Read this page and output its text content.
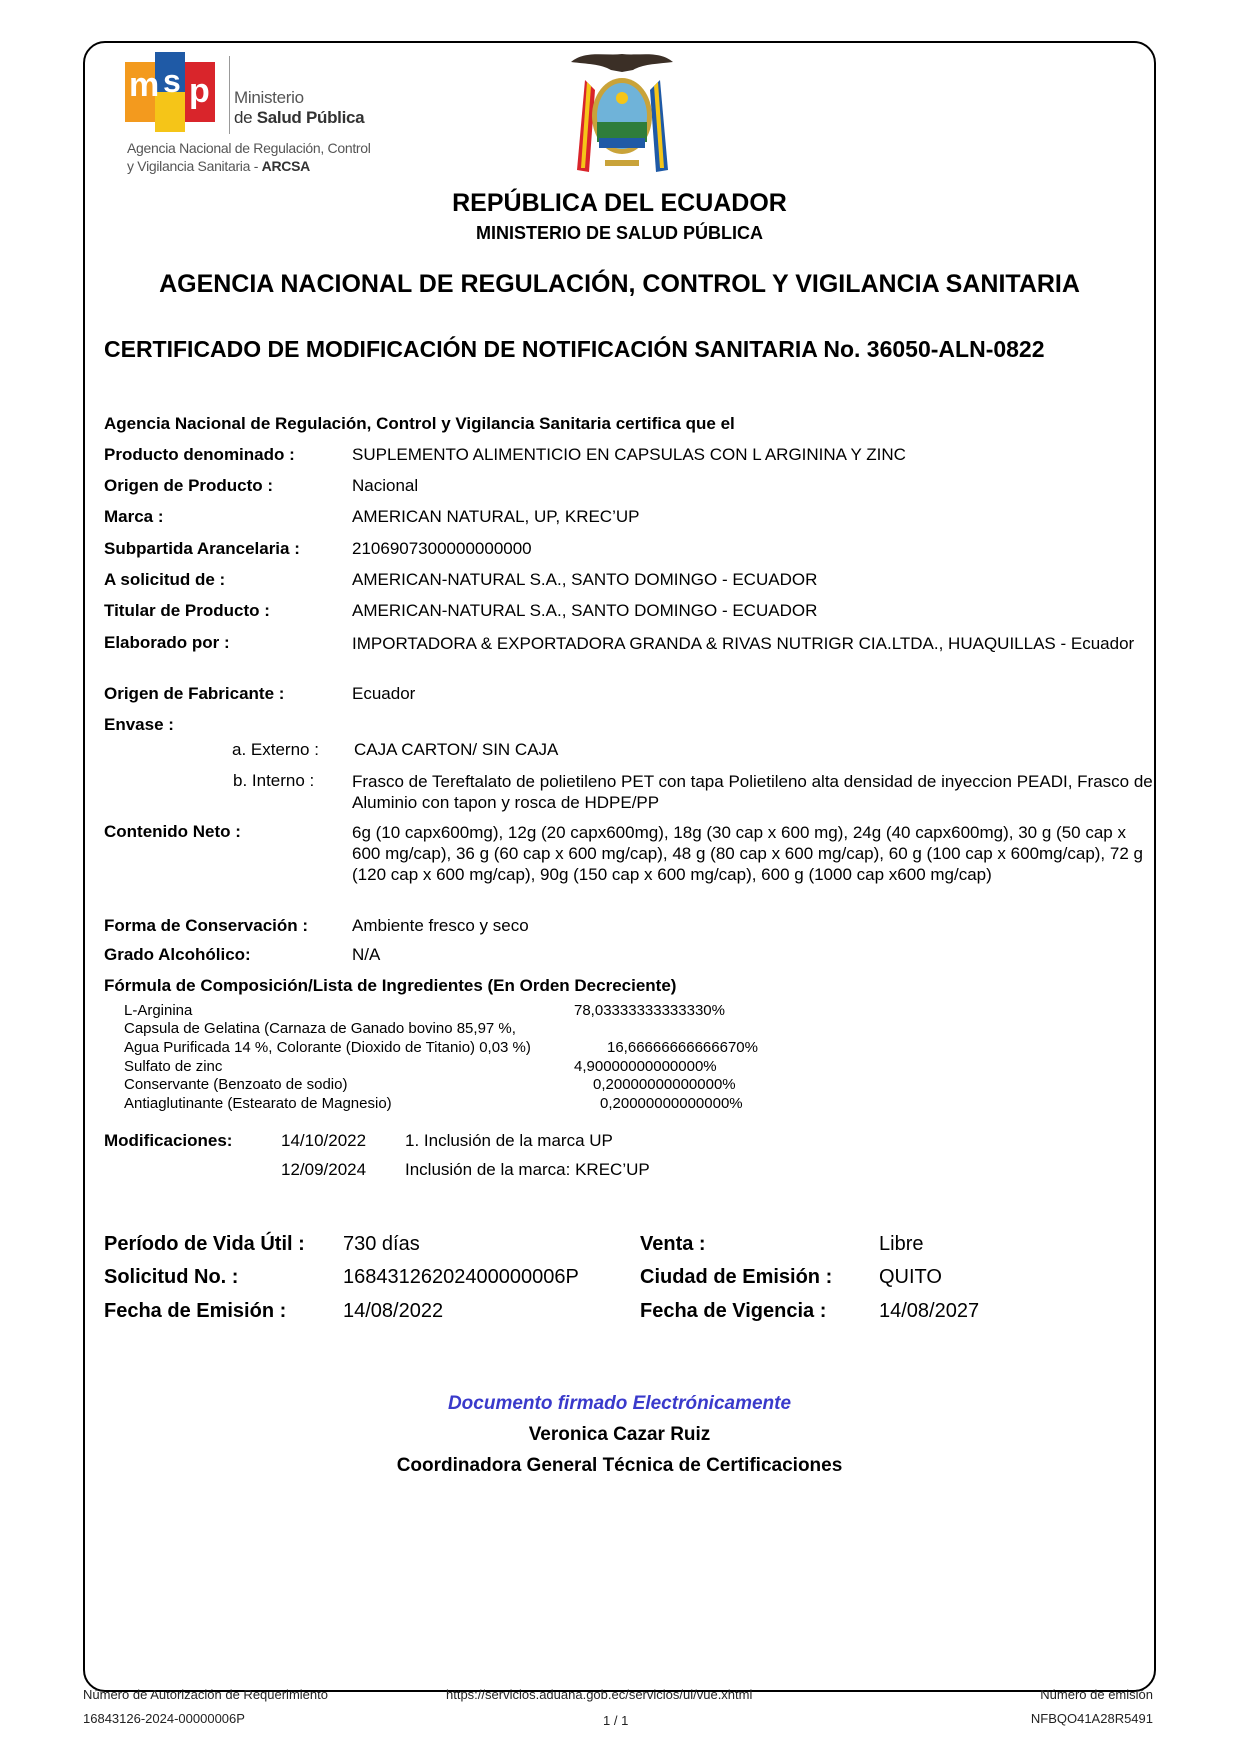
m s p Ministerio
de Salud Pública
Agencia Nacional de Regulación, Control
y Vigilancia Sanitaria - ARCSA
REPÚBLICA DEL ECUADOR
MINISTERIO DE SALUD PÚBLICA
AGENCIA NACIONAL DE REGULACIÓN, CONTROL Y VIGILANCIA SANITARIA
CERTIFICADO DE MODIFICACIÓN DE NOTIFICACIÓN SANITARIA No. 36050-ALN-0822
Agencia Nacional de Regulación, Control y Vigilancia Sanitaria certifica que el
Producto denominado :	SUPLEMENTO ALIMENTICIO EN CAPSULAS CON L ARGININA Y ZINC
Origen de Producto :	Nacional
Marca :	AMERICAN NATURAL, UP, KREC’UP
Subpartida Arancelaria :	2106907300000000000
A solicitud de :	AMERICAN-NATURAL S.A., SANTO DOMINGO - ECUADOR
Titular de Producto :	AMERICAN-NATURAL S.A., SANTO DOMINGO - ECUADOR
Elaborado por :	IMPORTADORA & EXPORTADORA GRANDA & RIVAS NUTRIGR CIA.LTDA., HUAQUILLAS - Ecuador
Origen de Fabricante :	Ecuador
Envase :
a. Externo : CAJA CARTON/ SIN CAJA
b. Interno : Frasco de Tereftalato de polietileno PET con tapa Polietileno alta densidad de inyeccion PEADI, Frasco de Aluminio con tapon y rosca de HDPE/PP
Contenido Neto :	6g (10 capx600mg), 12g (20 capx600mg), 18g (30 cap x 600 mg), 24g (40 capx600mg), 30 g (50 cap x 600 mg/cap), 36 g (60 cap x 600 mg/cap), 48 g (80 cap x 600 mg/cap), 60 g (100 cap x 600mg/cap), 72 g (120 cap x 600 mg/cap), 90g (150 cap x 600 mg/cap), 600 g (1000 cap x600 mg/cap)
Forma de Conservación :	Ambiente fresco y seco
Grado Alcohólico:	N/A
Fórmula de Composición/Lista de Ingredientes (En Orden Decreciente)
L-Arginina	78,03333333333330%
Capsula de Gelatina (Carnaza de Ganado bovino 85,97 %,
Agua Purificada 14 %, Colorante (Dioxido de Titanio) 0,03 %)	16,66666666666670%
Sulfato de zinc	4,90000000000000%
Conservante (Benzoato de sodio)	0,20000000000000%
Antiaglutinante (Estearato de Magnesio)	0,20000000000000%
Modificaciones:	14/10/2022 1. Inclusión de la marca UP
12/09/2024 Inclusión de la marca: KREC’UP
Período de Vida Útil : 730 días	Venta :	Libre
Solicitud No. :	16843126202400000006P	Ciudad de Emisión : QUITO
Fecha de Emisión :	14/08/2022	Fecha de Vigencia :	14/08/2027
Documento firmado Electrónicamente
Veronica Cazar Ruiz
Coordinadora General Técnica de Certificaciones
Número de Autorización de Requerimiento
16843126-2024-00000006P
https://servicios.aduana.gob.ec/servicios/ui/vue.xhtml
1 / 1
Número de emisión
NFBQO41A28R5491
